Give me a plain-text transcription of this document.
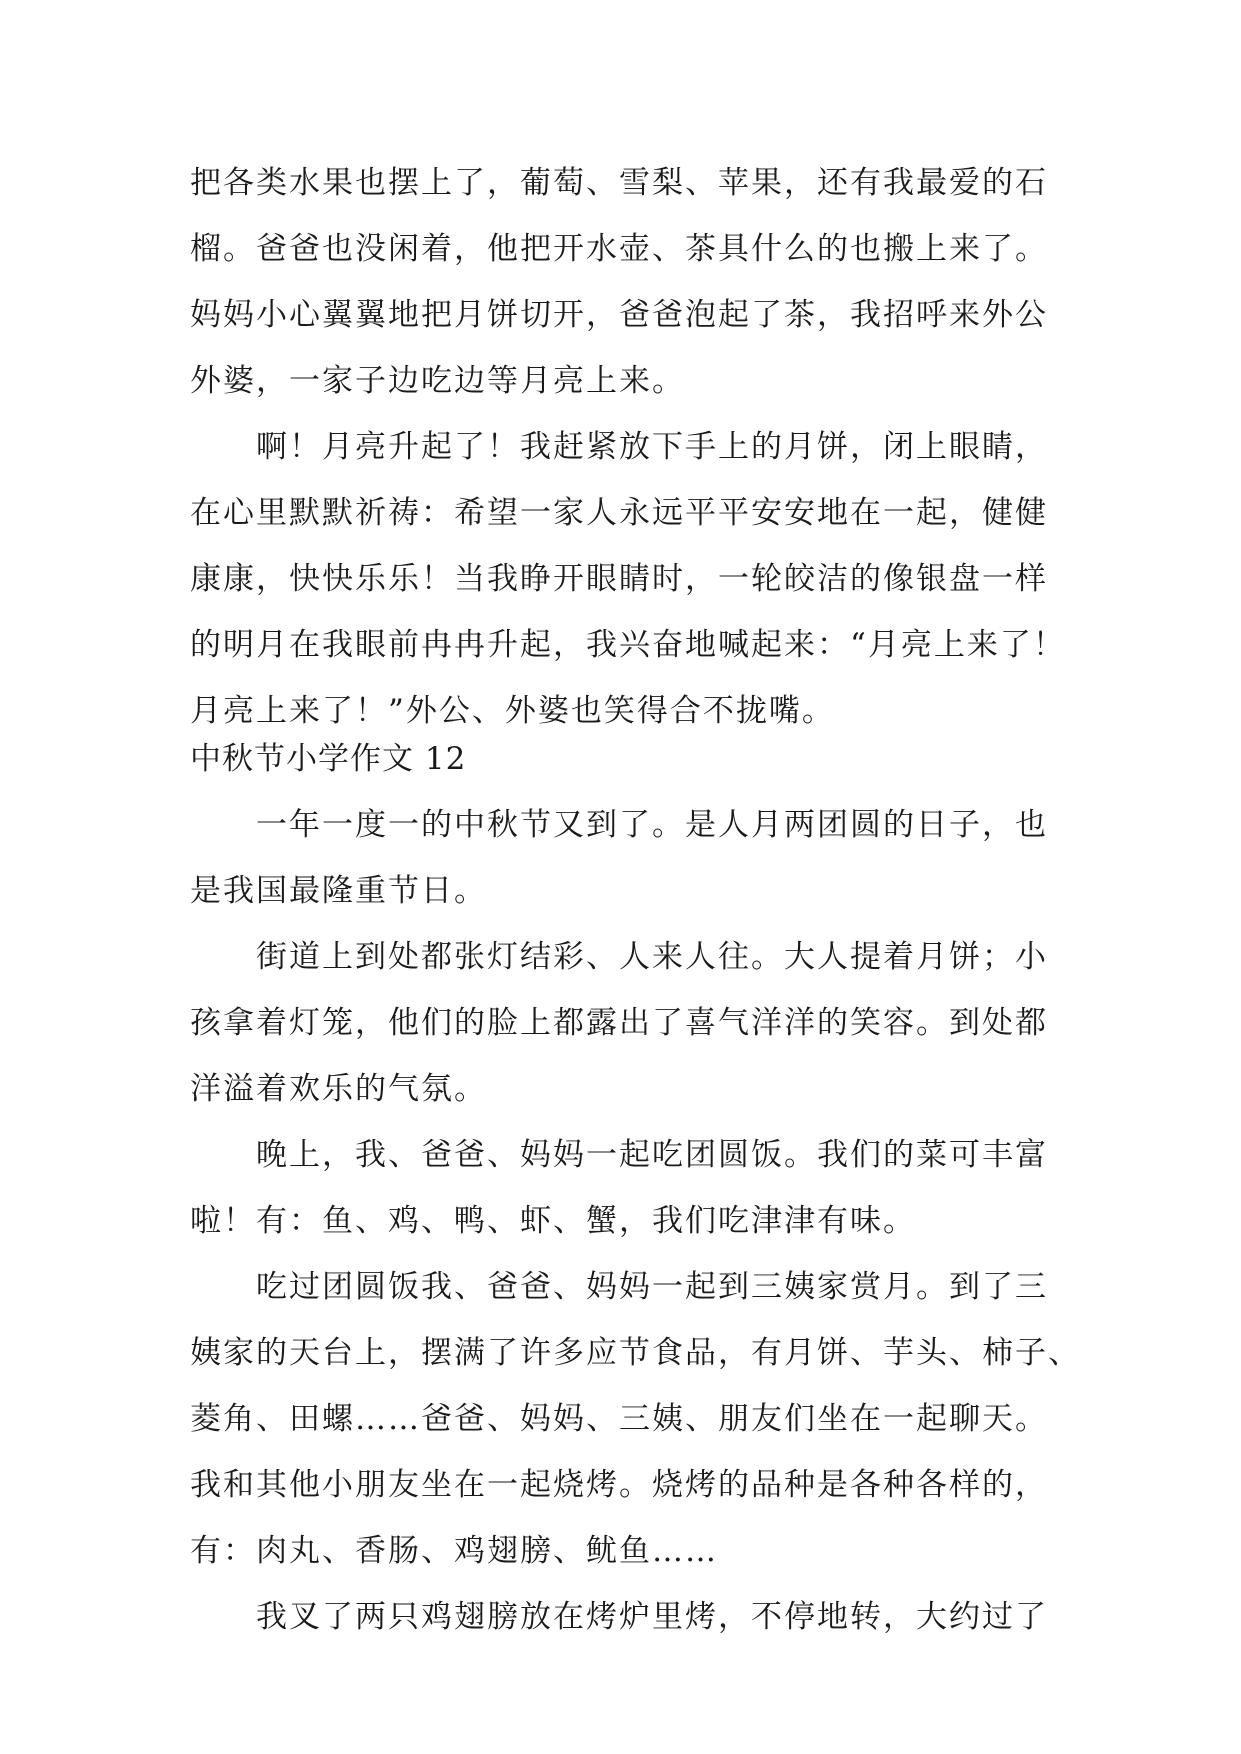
把各类水果也摆上了，葡萄、雪梨、苹果，还有我最爱的石
榴。爸爸也没闲着，他把开水壶、茶具什么的也搬上来了。
妈妈小心翼翼地把月饼切开，爸爸泡起了茶，我招呼来外公
外婆，一家子边吃边等月亮上来。
啊！月亮升起了！我赶紧放下手上的月饼，闭上眼睛，
在心里默默祈祷：希望一家人永远平平安安地在一起，健健
康康，快快乐乐！当我睁开眼睛时，一轮皎洁的像银盘一样
的明月在我眼前冉冉升起，我兴奋地喊起来：“月亮上来了！
月亮上来了！”外公、外婆也笑得合不拢嘴。
中秋节小学作文 12
一年一度一的中秋节又到了。是人月两团圆的日子，也
是我国最隆重节日。
街道上到处都张灯结彩、人来人往。大人提着月饼；小
孩拿着灯笼，他们的脸上都露出了喜气洋洋的笑容。到处都
洋溢着欢乐的气氛。
晚上，我、爸爸、妈妈一起吃团圆饭。我们的菜可丰富
啦！有：鱼、鸡、鸭、虾、蟹，我们吃津津有味。
吃过团圆饭我、爸爸、妈妈一起到三姨家赏月。到了三
姨家的天台上，摆满了许多应节食品，有月饼、芋头、柿子、
菱角、田螺……爸爸、妈妈、三姨、朋友们坐在一起聊天。
我和其他小朋友坐在一起烧烤。烧烤的品种是各种各样的，
有：肉丸、香肠、鸡翅膀、鱿鱼……
我叉了两只鸡翅膀放在烤炉里烤，不停地转，大约过了
